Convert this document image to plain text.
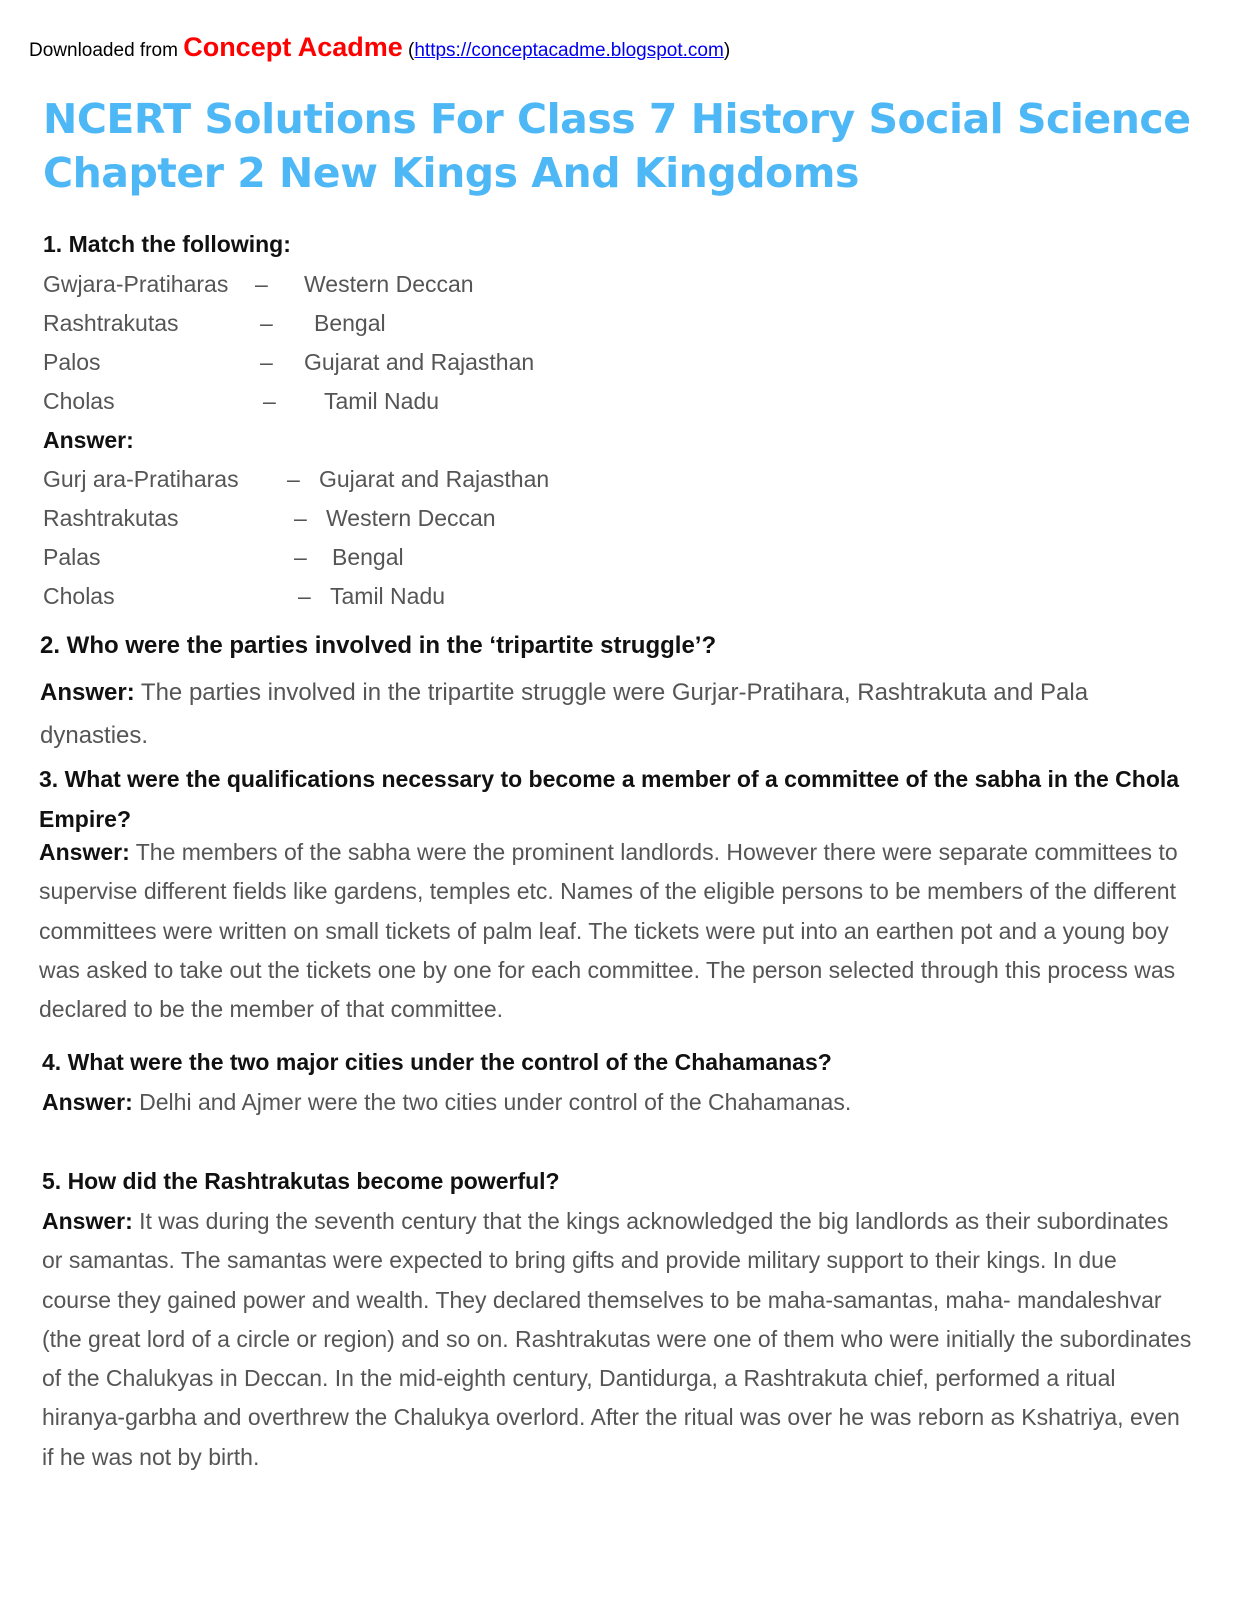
Downloaded from Concept Acadme (https://conceptacadme.blogspot.com)
NCERT Solutions For Class 7 History Social Science
Chapter 2 New Kings And Kingdoms
1. Match the following:
Gwjara-Pratiharas – Western Deccan
Rashtrakutas	– Bengal
Palos	– Gujarat and Rajasthan
Cholas	– Tamil Nadu
Answer:
Gurj ara-Pratiharas – Gujarat and Rajasthan
Rashtrakutas	– Western Deccan
Palas	– Bengal
Cholas	– Tamil Nadu
2. Who were the parties involved in the ‘tripartite struggle’?
Answer: The parties involved in the tripartite struggle were Gurjar-Pratihara, Rashtrakuta and Pala dynasties.
3. What were the qualifications necessary to become a member of a committee of the sabha in the Chola Empire?
Answer: The members of the sabha were the prominent landlords. However there were separate committees to supervise different fields like gardens, temples etc. Names of the eligible persons to be members of the different committees were written on small tickets of palm leaf. The tickets were put into an earthen pot and a young boy was asked to take out the tickets one by one for each committee. The person selected through this process was declared to be the member of that committee.
4. What were the two major cities under the control of the Chahamanas?
Answer: Delhi and Ajmer were the two cities under control of the Chahamanas.
5. How did the Rashtrakutas become powerful?
Answer: It was during the seventh century that the kings acknowledged the big landlords as their subordinates or samantas. The samantas were expected to bring gifts and provide military support to their kings. In due course they gained power and wealth. They declared themselves to be maha-samantas, maha- mandaleshvar (the great lord of a circle or region) and so on. Rashtrakutas were one of them who were initially the subordinates of the Chalukyas in Deccan. In the mid-eighth century, Dantidurga, a Rashtrakuta chief, performed a ritual hiranya-garbha and overthrew the Chalukya overlord. After the ritual was over he was reborn as Kshatriya, even if he was not by birth.
